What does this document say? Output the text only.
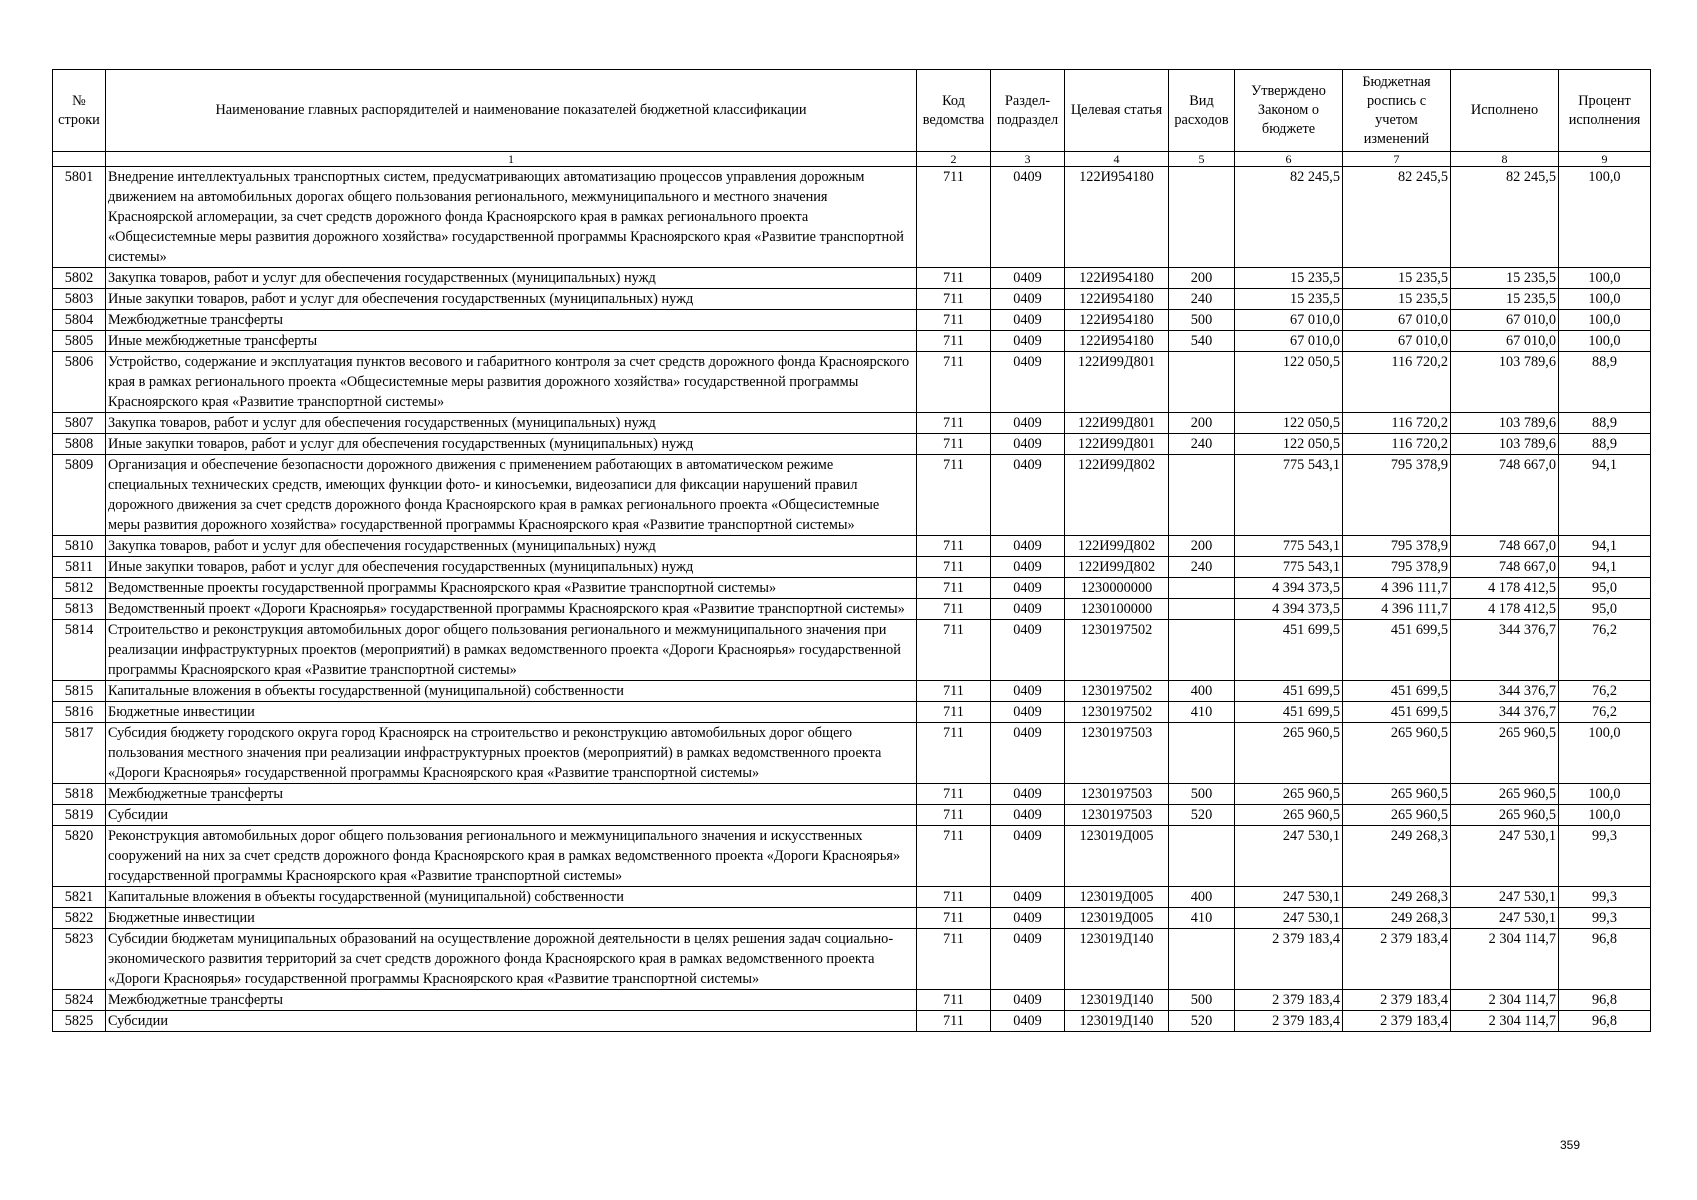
№ строки	Наименование главных распорядителей и наименование показателей бюджетной классификации	Код ведомства	Раздел-подраздел	Целевая статья	Вид расходов	Утверждено Законом о бюджете	Бюджетная роспись с учетом изменений	Исполнено	Процент исполнения
	1	2	3	4	5	6	7	8	9
5801	Внедрение интеллектуальных транспортных систем, предусматривающих автоматизацию процессов управления дорожным движением на автомобильных дорогах общего пользования регионального, межмуниципального и местного значения Красноярской агломерации, за счет средств дорожного фонда Красноярского края в рамках регионального проекта «Общесистемные меры развития дорожного хозяйства» государственной программы Красноярского края «Развитие транспортной системы»	711	0409	122И954180		82 245,5	82 245,5	82 245,5	100,0
5802	Закупка товаров, работ и услуг для обеспечения государственных (муниципальных) нужд	711	0409	122И954180	200	15 235,5	15 235,5	15 235,5	100,0
5803	Иные закупки товаров, работ и услуг для обеспечения государственных (муниципальных) нужд	711	0409	122И954180	240	15 235,5	15 235,5	15 235,5	100,0
5804	Межбюджетные трансферты	711	0409	122И954180	500	67 010,0	67 010,0	67 010,0	100,0
5805	Иные межбюджетные трансферты	711	0409	122И954180	540	67 010,0	67 010,0	67 010,0	100,0
5806	Устройство, содержание и эксплуатация пунктов весового и габаритного контроля за счет средств дорожного фонда Красноярского края в рамках регионального проекта «Общесистемные меры развития дорожного хозяйства» государственной программы Красноярского края «Развитие транспортной системы»	711	0409	122И99Д801		122 050,5	116 720,2	103 789,6	88,9
5807	Закупка товаров, работ и услуг для обеспечения государственных (муниципальных) нужд	711	0409	122И99Д801	200	122 050,5	116 720,2	103 789,6	88,9
5808	Иные закупки товаров, работ и услуг для обеспечения государственных (муниципальных) нужд	711	0409	122И99Д801	240	122 050,5	116 720,2	103 789,6	88,9
5809	Организация и обеспечение безопасности дорожного движения с применением работающих в автоматическом режиме специальных технических средств, имеющих функции фото- и киносъемки, видеозаписи для фиксации нарушений правил дорожного движения за счет средств дорожного фонда Красноярского края в рамках регионального проекта «Общесистемные меры развития дорожного хозяйства» государственной программы Красноярского края «Развитие транспортной системы»	711	0409	122И99Д802		775 543,1	795 378,9	748 667,0	94,1
5810	Закупка товаров, работ и услуг для обеспечения государственных (муниципальных) нужд	711	0409	122И99Д802	200	775 543,1	795 378,9	748 667,0	94,1
5811	Иные закупки товаров, работ и услуг для обеспечения государственных (муниципальных) нужд	711	0409	122И99Д802	240	775 543,1	795 378,9	748 667,0	94,1
5812	Ведомственные проекты государственной программы Красноярского края «Развитие транспортной системы»	711	0409	1230000000		4 394 373,5	4 396 111,7	4 178 412,5	95,0
5813	Ведомственный проект «Дороги Красноярья» государственной программы Красноярского края «Развитие транспортной системы»	711	0409	1230100000		4 394 373,5	4 396 111,7	4 178 412,5	95,0
5814	Строительство и реконструкция автомобильных дорог общего пользования регионального и межмуниципального значения при реализации инфраструктурных проектов (мероприятий) в рамках ведомственного проекта «Дороги Красноярья» государственной программы Красноярского края «Развитие транспортной системы»	711	0409	1230197502		451 699,5	451 699,5	344 376,7	76,2
5815	Капитальные вложения в объекты государственной (муниципальной) собственности	711	0409	1230197502	400	451 699,5	451 699,5	344 376,7	76,2
5816	Бюджетные инвестиции	711	0409	1230197502	410	451 699,5	451 699,5	344 376,7	76,2
5817	Субсидия бюджету городского округа город Красноярск на строительство и реконструкцию автомобильных дорог общего пользования местного значения при реализации инфраструктурных проектов (мероприятий) в рамках ведомственного проекта «Дороги Красноярья» государственной программы Красноярского края «Развитие транспортной системы»	711	0409	1230197503		265 960,5	265 960,5	265 960,5	100,0
5818	Межбюджетные трансферты	711	0409	1230197503	500	265 960,5	265 960,5	265 960,5	100,0
5819	Субсидии	711	0409	1230197503	520	265 960,5	265 960,5	265 960,5	100,0
5820	Реконструкция автомобильных дорог общего пользования регионального и межмуниципального значения и искусственных сооружений на них за счет средств дорожного фонда Красноярского края в рамках ведомственного проекта «Дороги Красноярья» государственной программы Красноярского края «Развитие транспортной системы»	711	0409	123019Д005		247 530,1	249 268,3	247 530,1	99,3
5821	Капитальные вложения в объекты государственной (муниципальной) собственности	711	0409	123019Д005	400	247 530,1	249 268,3	247 530,1	99,3
5822	Бюджетные инвестиции	711	0409	123019Д005	410	247 530,1	249 268,3	247 530,1	99,3
5823	Субсидии бюджетам муниципальных образований на осуществление дорожной деятельности в целях решения задач социально-экономического развития территорий за счет средств дорожного фонда Красноярского края в рамках ведомственного проекта «Дороги Красноярья» государственной программы Красноярского края «Развитие транспортной системы»	711	0409	123019Д140		2 379 183,4	2 379 183,4	2 304 114,7	96,8
5824	Межбюджетные трансферты	711	0409	123019Д140	500	2 379 183,4	2 379 183,4	2 304 114,7	96,8
5825	Субсидии	711	0409	123019Д140	520	2 379 183,4	2 379 183,4	2 304 114,7	96,8
359
